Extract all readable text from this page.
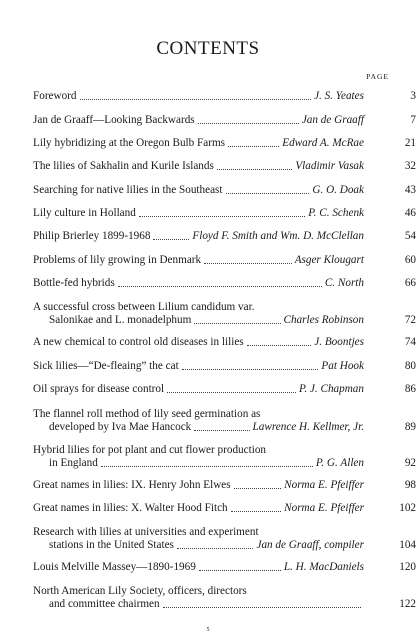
CONTENTS
PAGE
Foreword	J. S. Yeates	3
Jan de Graaff—Looking Backwards	Jan de Graaff	7
Lily hybridizing at the Oregon Bulb Farms	Edward A. McRae	21
The lilies of Sakhalin and Kurile Islands	Vladimir Vasak	32
Searching for native lilies in the Southeast	G. O. Doak	43
Lily culture in Holland	P. C. Schenk	46
Philip Brierley 1899-1968	Floyd F. Smith and Wm. D. McClellan	54
Problems of lily growing in Denmark	Asger Klougart	60
Bottle-fed hybrids	C. North	66
A successful cross between Lilium candidum var.
Salonikae and L. monadelphum	Charles Robinson	72
A new chemical to control old diseases in lilies	J. Boontjes	74
Sick lilies—“De-fleaing” the cat	Pat Hook	80
Oil sprays for disease control	P. J. Chapman	86
The flannel roll method of lily seed germination as
developed by Iva Mae Hancock	Lawrence H. Kellmer, Jr.	89
Hybrid lilies for pot plant and cut flower production
in England	P. G. Allen	92
Great names in lilies: IX. Henry John Elwes	Norma E. Pfeiffer	98
Great names in lilies: X. Walter Hood Fitch	Norma E. Pfeiffer	102
Research with lilies at universities and experiment
stations in the United States	Jan de Graaff, compiler	104
Louis Melville Massey—1890-1969	L. H. MacDaniels	120
North American Lily Society, officers, directors
and committee chairmen	122
5
